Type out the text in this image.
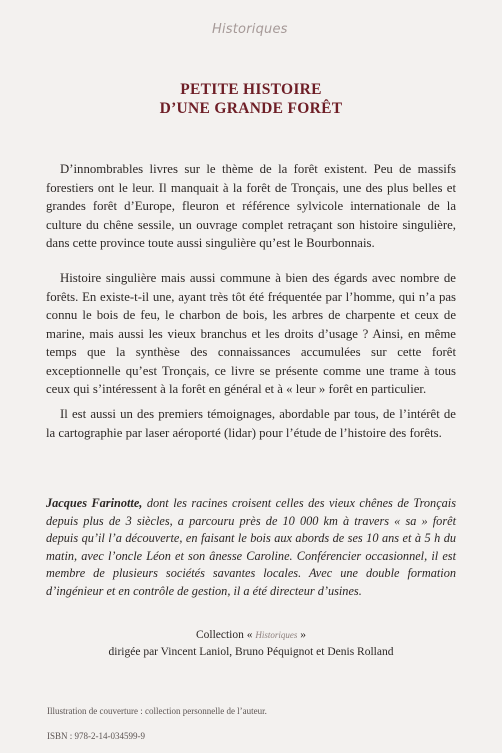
Historiques
PETITE HISTOIRE
D’UNE GRANDE FORÊT

D’innombrables livres sur le thème de la forêt existent. Peu de massifs forestiers ont le leur. Il manquait à la forêt de Tronçais, une des plus belles et grandes forêt d’Europe, fleuron et référence sylvicole internationale de la culture du chêne sessile, un ouvrage complet retraçant son histoire singulière, dans cette province toute aussi singulière qu’est le Bourbonnais.

Histoire singulière mais aussi commune à bien des égards avec nombre de forêts. En existe-t-il une, ayant très tôt été fréquentée par l’homme, qui n’a pas connu le bois de feu, le charbon de bois, les arbres de charpente et ceux de marine, mais aussi les vieux branchus et les droits d’usage ? Ainsi, en même temps que la synthèse des connaissances accumulées sur cette forêt exceptionnelle qu’est Tronçais, ce livre se présente comme une trame à tous ceux qui s’intéressent à la forêt en général et à « leur » forêt en particulier.

Il est aussi un des premiers témoignages, abordable par tous, de l’intérêt de la cartographie par laser aéroporté (lidar) pour l’étude de l’histoire des forêts.

Jacques Farinotte, dont les racines croisent celles des vieux chênes de Tronçais depuis plus de 3 siècles, a parcouru près de 10 000 km à travers « sa » forêt depuis qu’il l’a découverte, en faisant le bois aux abords de ses 10 ans et à 5 h du matin, avec l’oncle Léon et son ânesse Caroline. Conférencier occasionnel, il est membre de plusieurs sociétés savantes locales. Avec une double formation d’ingénieur et en contrôle de gestion, il a été directeur d’usines.
Collection « Historiques »
dirigée par Vincent Laniol, Bruno Péquignot et Denis Rolland
Illustration de couverture : collection personnelle de l’auteur.
ISBN : 978-2-14-034599-9
